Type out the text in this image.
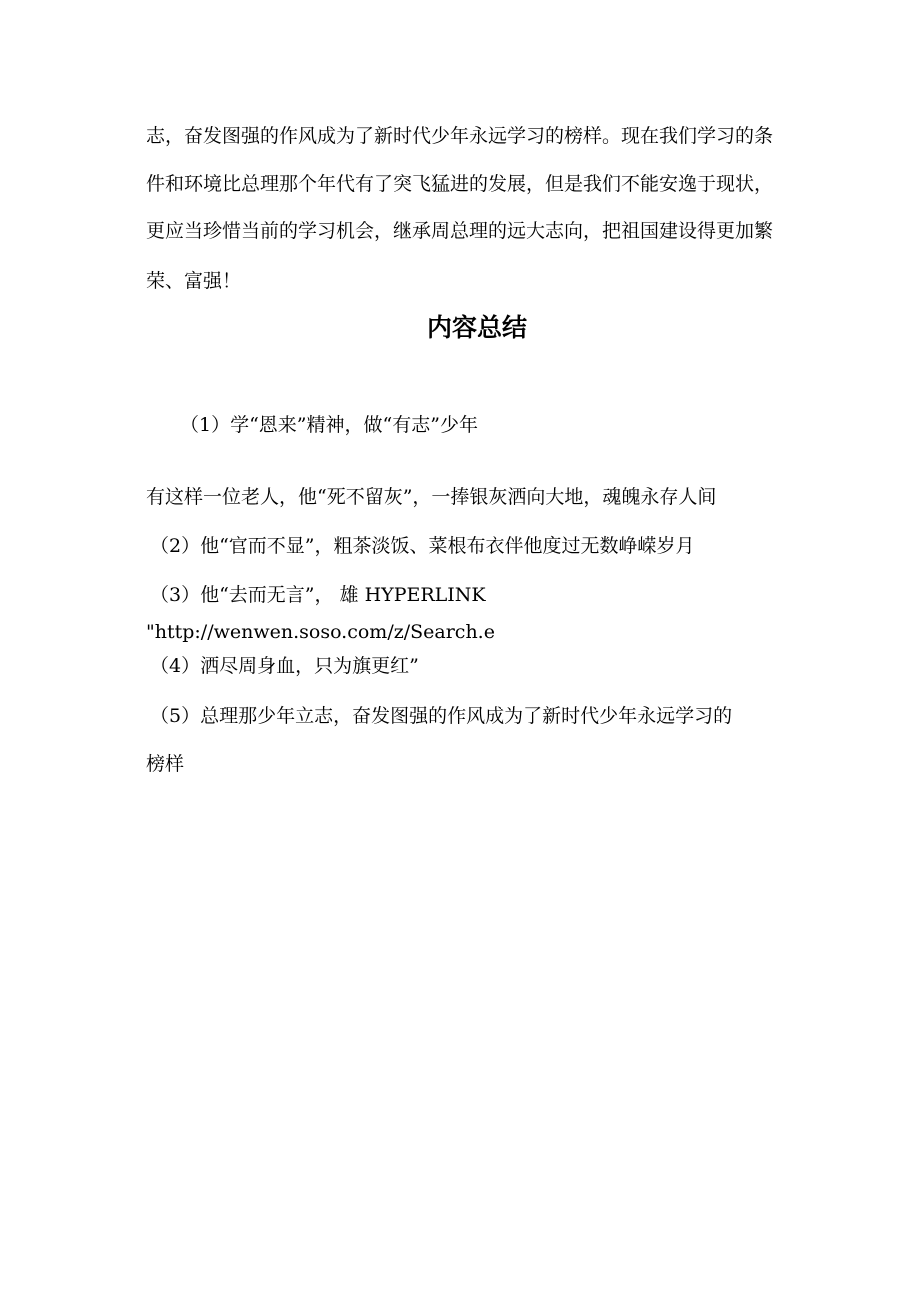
志，奋发图强的作风成为了新时代少年永远学习的榜样。现在我们学习的条
件和环境比总理那个年代有了突飞猛进的发展，但是我们不能安逸于现状，
更应当珍惜当前的学习机会，继承周总理的远大志向，把祖国建设得更加繁
荣、富强！
内容总结
（1）学“恩来”精神，做“有志”少年
有这样一位老人，他“死不留灰”，一捧银灰洒向大地，魂魄永存人间
（2）他“官而不显”，粗茶淡饭、菜根布衣伴他度过无数峥嵘岁月
（3）他“去而无言”， 雄 HYPERLINK
"http://wenwen.soso.com/z/Search.e
（4）洒尽周身血，只为旗更红”
（5）总理那少年立志，奋发图强的作风成为了新时代少年永远学习的
榜样
